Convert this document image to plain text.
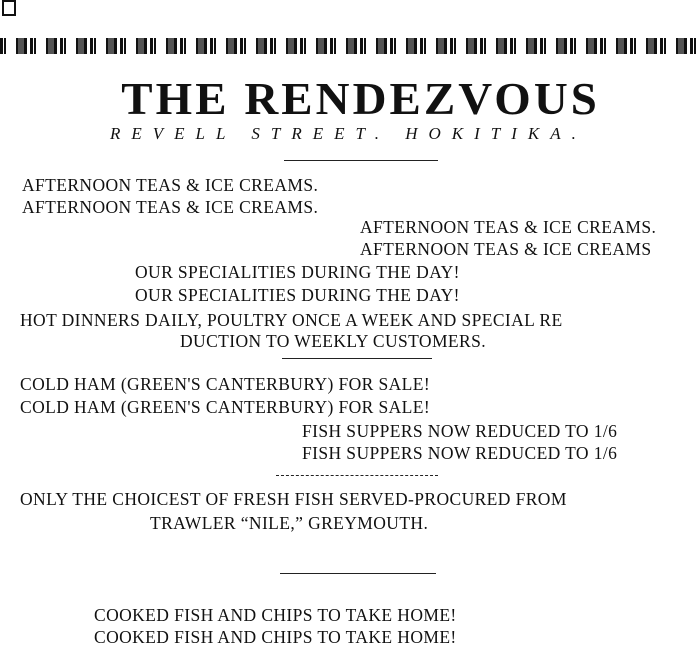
THE RENDEZVOUS
REVELL STREET. HOKITIKA.
AFTERNOON TEAS & ICE CREAMS.
AFTERNOON TEAS & ICE CREAMS.
AFTERNOON TEAS & ICE CREAMS.
AFTERNOON TEAS & ICE CREAMS
OUR SPECIALITIES DURING THE DAY!
OUR SPECIALITIES DURING THE DAY!
HOT DINNERS DAILY, POULTRY ONCE A WEEK AND SPECIAL RE
DUCTION TO WEEKLY CUSTOMERS.
COLD HAM (GREEN'S CANTERBURY) FOR SALE!
COLD HAM (GREEN'S CANTERBURY) FOR SALE!
FISH SUPPERS NOW REDUCED TO 1/6
FISH SUPPERS NOW REDUCED TO 1/6
ONLY THE CHOICEST OF FRESH FISH SERVED-PROCURED FROM
TRAWLER “NILE,” GREYMOUTH.
COOKED FISH AND CHIPS TO TAKE HOME!
COOKED FISH AND CHIPS TO TAKE HOME!
